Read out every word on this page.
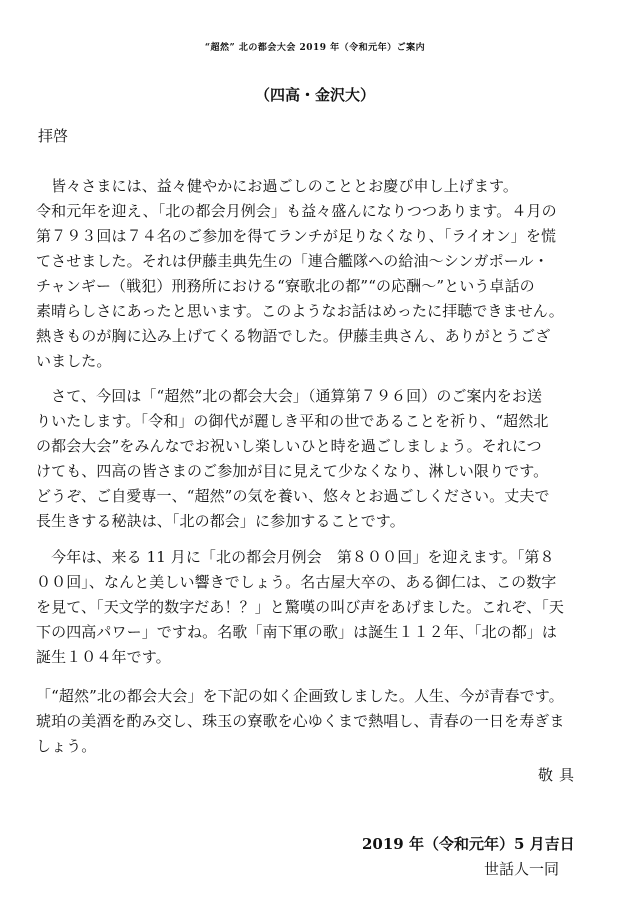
“超然” 北の都会大会 2019 年（令和元年）ご案内
（四高・金沢大）
拝啓
　皆々さまには、益々健やかにお過ごしのこととお慶び申し上げます。
令和元年を迎え、「北の都会月例会」も益々盛んになりつつあります。４月の
第７９３回は７４名のご参加を得てランチが足りなくなり、「ライオン」を慌
てさせました。それは伊藤圭典先生の「連合艦隊への給油～シンガポール・
チャンギー（戦犯）刑務所における“寮歌北の都”“の応酬～”という卓話の
素晴らしさにあったと思います。このようなお話はめったに拝聴できません。
熱きものが胸に込み上げてくる物語でした。伊藤圭典さん、ありがとうござ
いました。
　さて、今回は「“超然”北の都会大会」（通算第７９６回）のご案内をお送
りいたします。「令和」の御代が麗しき平和の世であることを祈り、“超然北
の都会大会”をみんなでお祝いし楽しいひと時を過ごしましょう。それにつ
けても、四高の皆さまのご参加が目に見えて少なくなり、淋しい限りです。
どうぞ、ご自愛専一、“超然”の気を養い、悠々とお過ごしください。丈夫で
長生きする秘訣は、「北の都会」に参加することです。
　今年は、来る 11 月に「北の都会月例会　第８００回」を迎えます。「第８
００回」、なんと美しい響きでしょう。名古屋大卒の、ある御仁は、この数字
を見て、「天文学的数字だあ！？」と驚嘆の叫び声をあげました。これぞ、「天
下の四高パワー」ですね。名歌「南下軍の歌」は誕生１１２年、「北の都」は
誕生１０４年です。
「“超然”北の都会大会」を下記の如く企画致しました。人生、今が青春です。
琥珀の美酒を酌み交し、珠玉の寮歌を心ゆくまで熱唱し、青春の一日を寿ぎま
しょう。
敬具
2019 年（令和元年）5 月吉日
世話人一同
